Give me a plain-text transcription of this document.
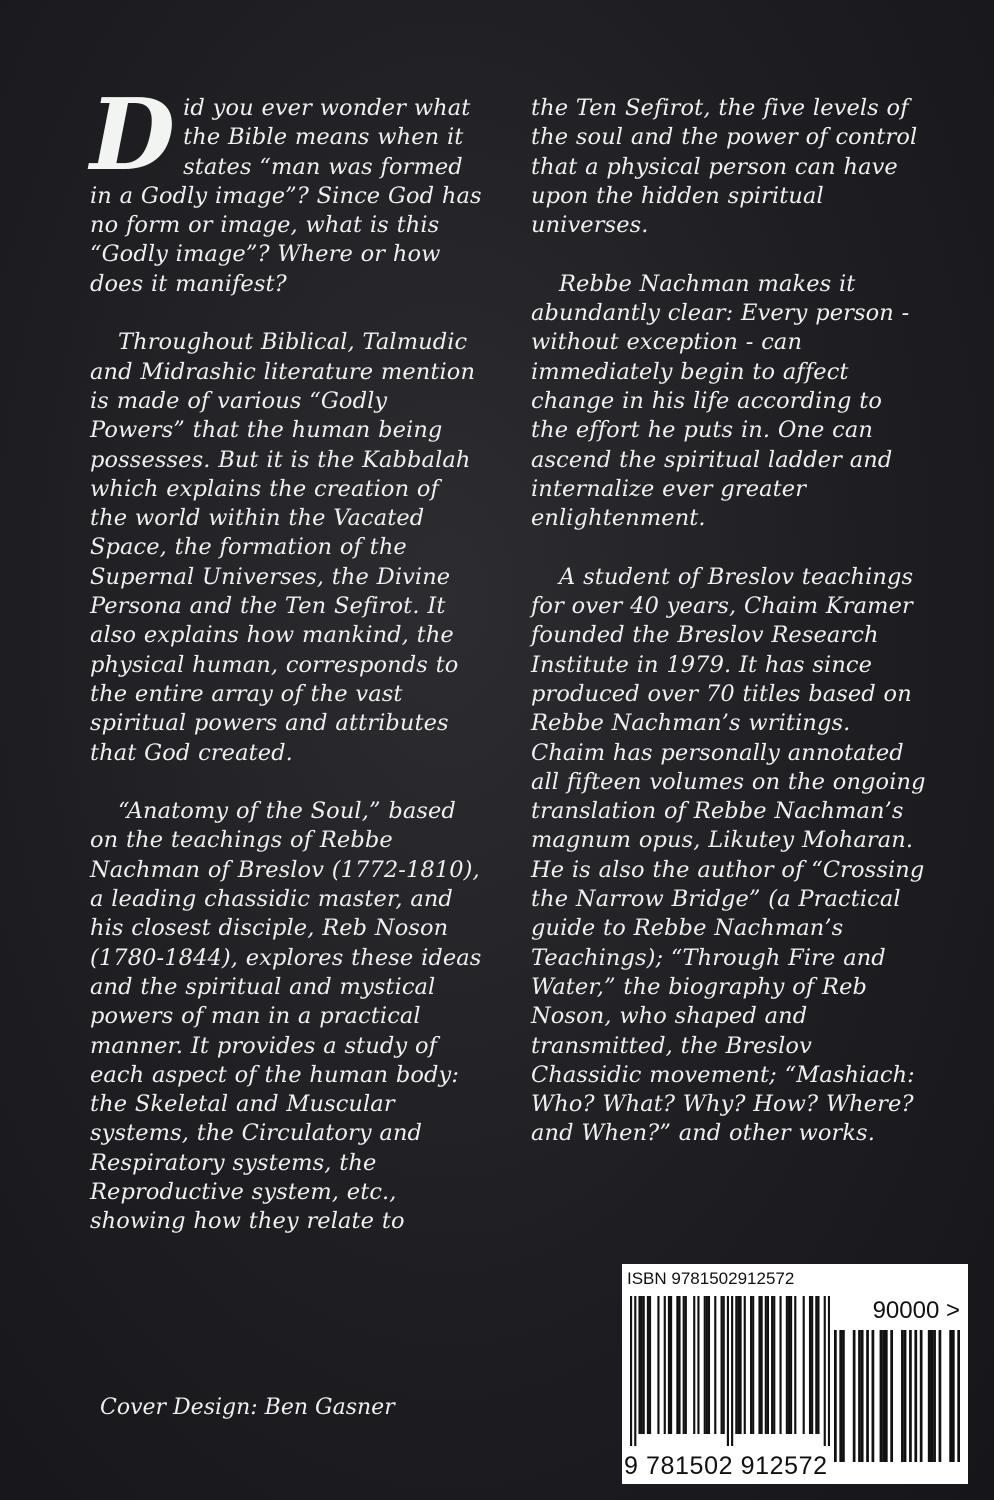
Did you ever wonder what the Bible means when it states “man was formed in a Godly image”? Since God has no form or image, what is this “Godly image”? Where or how does it manifest?

Throughout Biblical, Talmudic and Midrashic literature mention is made of various “Godly Powers” that the human being possesses. But it is the Kabbalah which explains the creation of the world within the Vacated Space, the formation of the Supernal Universes, the Divine Persona and the Ten Sefirot. It also explains how mankind, the physical human, corresponds to the entire array of the vast spiritual powers and attributes that God created.

“Anatomy of the Soul,” based on the teachings of Rebbe Nachman of Breslov (1772-1810), a leading chassidic master, and his closest disciple, Reb Noson (1780-1844), explores these ideas and the spiritual and mystical powers of man in a practical manner. It provides a study of each aspect of the human body: the Skeletal and Muscular systems, the Circulatory and Respiratory systems, the Reproductive system, etc., showing how they relate to

the Ten Sefirot, the five levels of the soul and the power of control that a physical person can have upon the hidden spiritual universes.

Rebbe Nachman makes it abundantly clear: Every person - without exception - can immediately begin to affect change in his life according to the effort he puts in. One can ascend the spiritual ladder and internalize ever greater enlightenment.

A student of Breslov teachings for over 40 years, Chaim Kramer founded the Breslov Research Institute in 1979. It has since produced over 70 titles based on Rebbe Nachman’s writings. Chaim has personally annotated all fifteen volumes on the ongoing translation of Rebbe Nachman’s magnum opus, Likutey Moharan. He is also the author of “Crossing the Narrow Bridge” (a Practical guide to Rebbe Nachman’s Teachings); “Through Fire and Water,” the biography of Reb Noson, who shaped and transmitted, the Breslov Chassidic movement; “Mashiach: Who? What? Why? How? Where? and When?” and other works.

Cover Design: Ben Gasner
ISBN 9781502912572
90000 >
9 781502 912572
